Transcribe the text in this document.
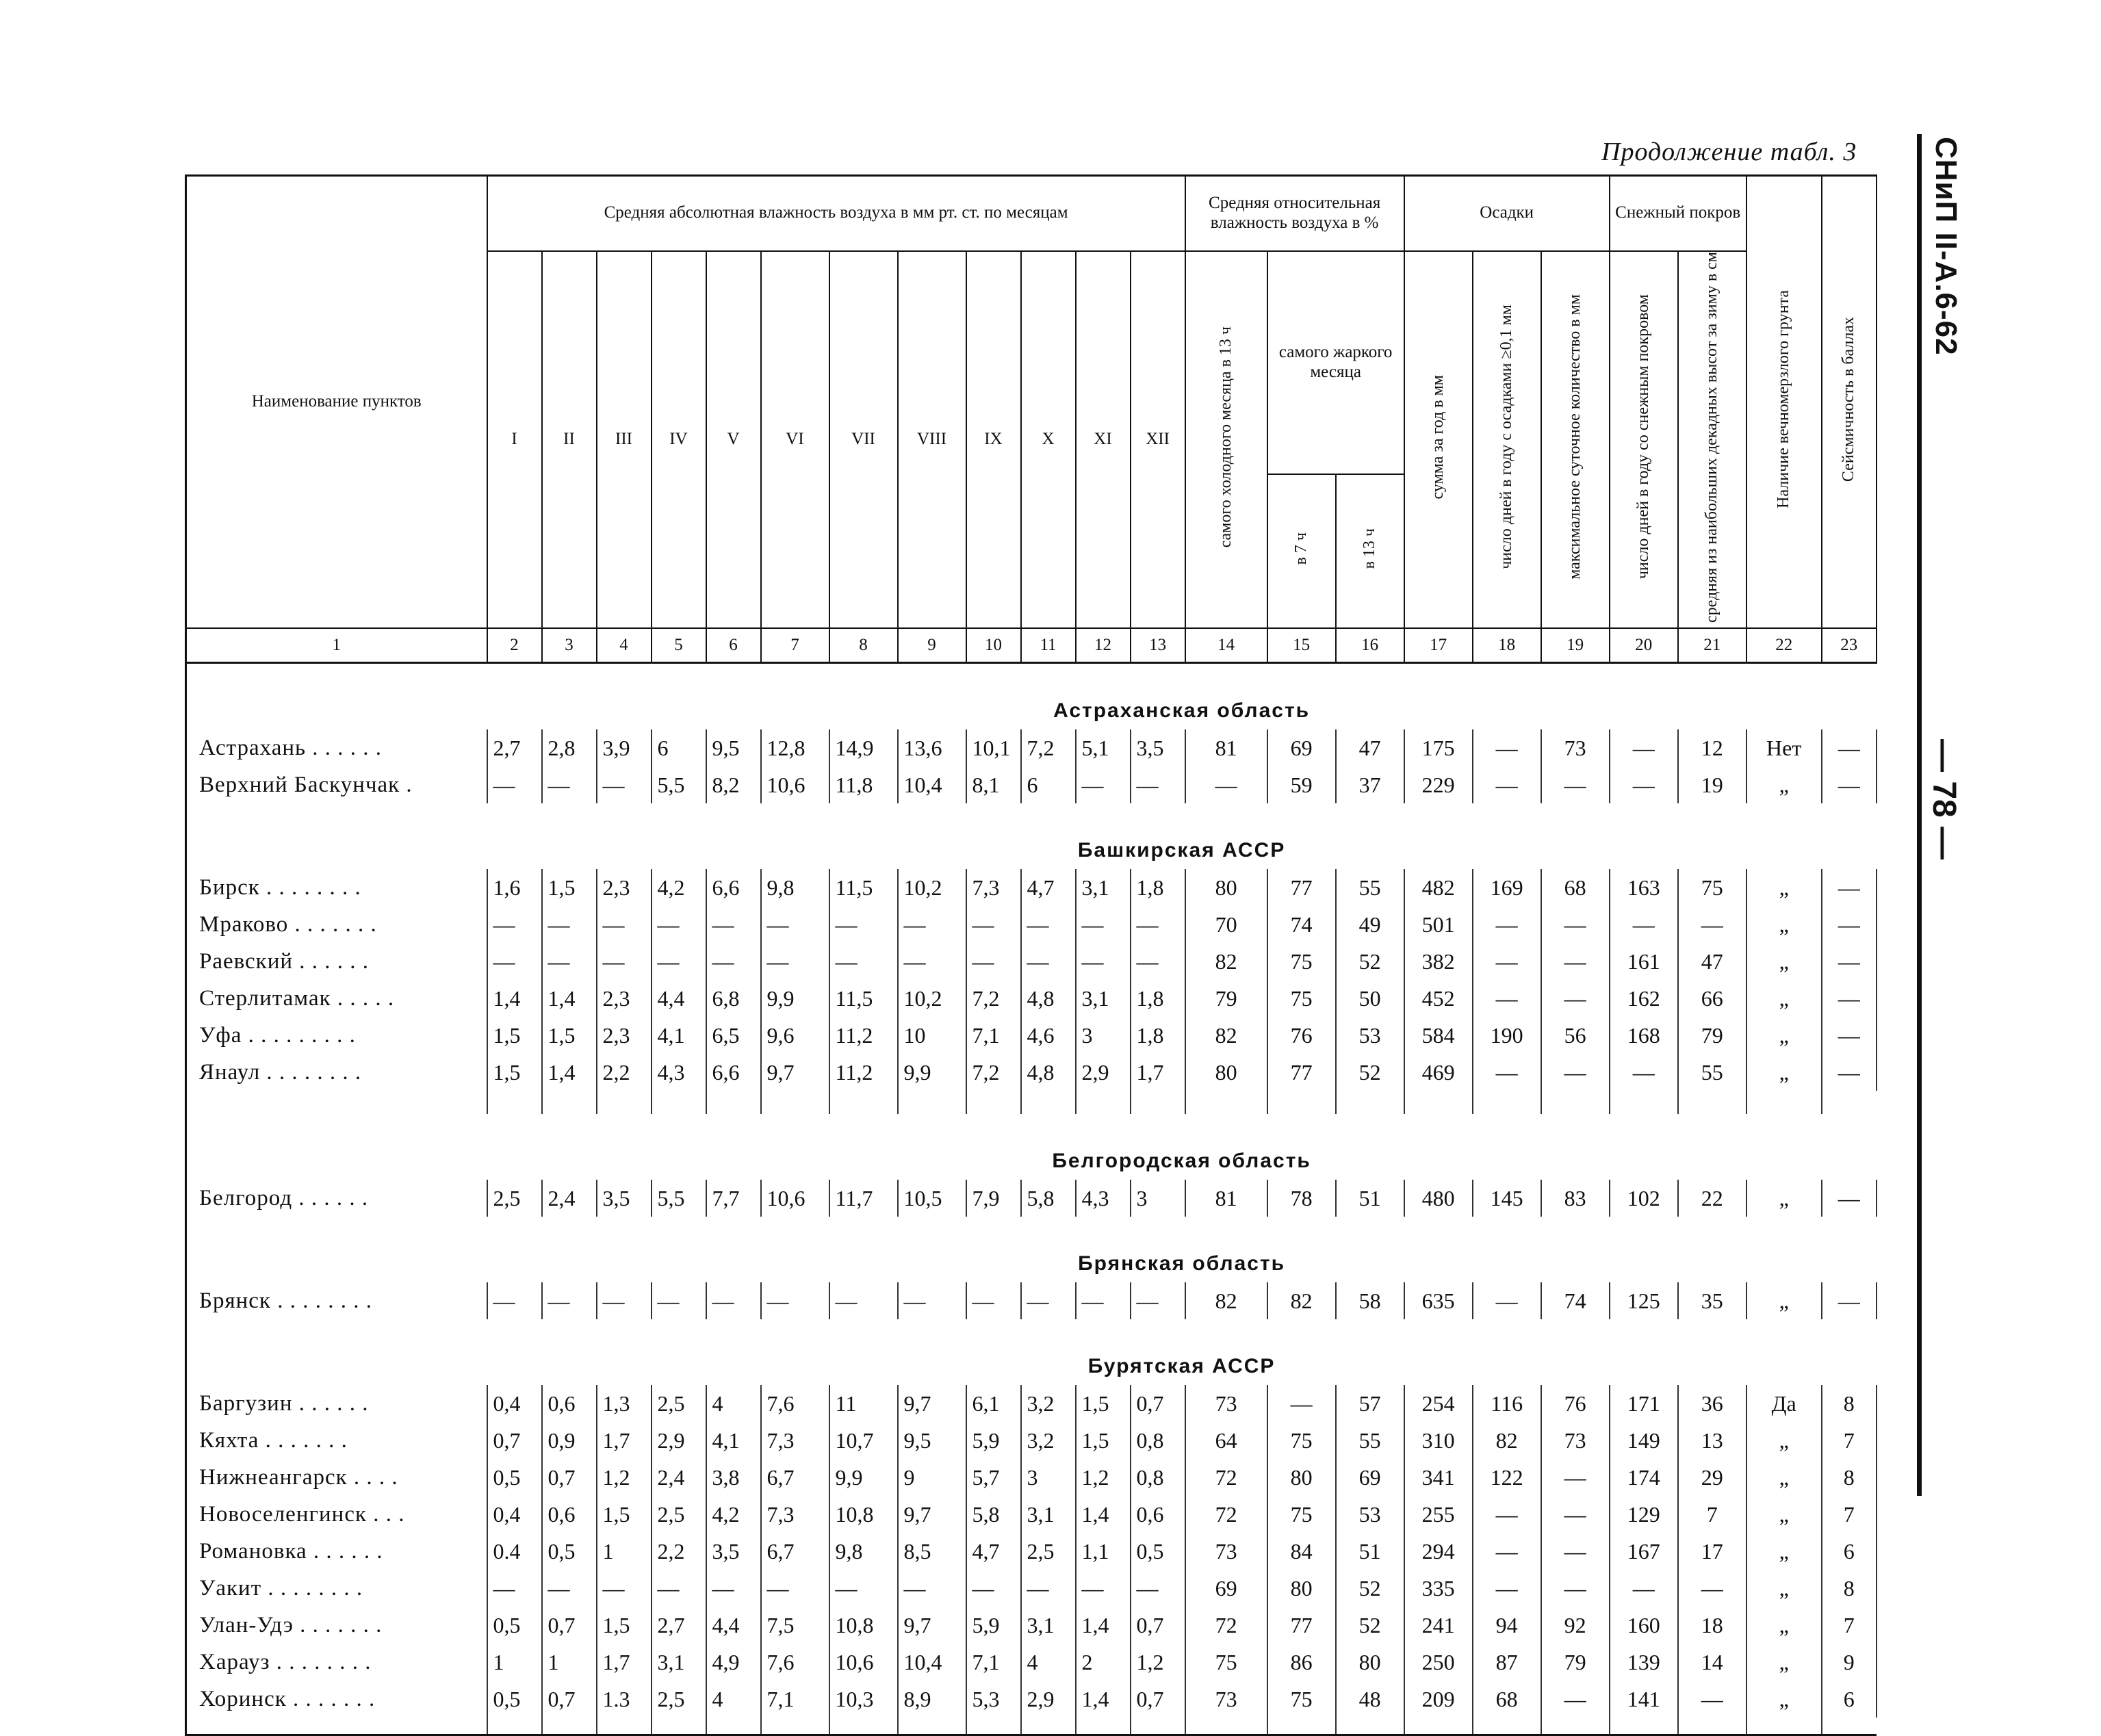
Продолжение табл. 3	СНиП II-А.6-62
— 78 —
Наименование пунктов	Средняя абсолютная влажность воздуха в мм рт. ст. по месяцам												Средняя относительная влажность воздуха в %			Осадки			Снежный покров		Наличие вечномерзлого грунта	Сейсмичность в баллах
	I	II	III	IV	V	VI	VII	VIII	IX	X	XI	XII	самого холодного месяца в 13 ч	самого жаркого месяца		сумма за год в мм	число дней в году с осадками ≥0,1 мм	максимальное суточное количество в мм	число дней в году со снежным покровом	средняя из наибольших декадных высот за зиму в см		
														в 7 ч	в 13 ч							
1	2	3	4	5	6	7	8	9	10	11	12	13	14	15	16	17	18	19	20	21	22	23
	Астраханская область																					
Астрахань . . . . . .	2,7	2,8	3,9	6	9,5	12,8	14,9	13,6	10,1	7,2	5,1	3,5	81	69	47	175	—	73	—	12	Нет	—
Верхний Баскунчак .	—	—	—	5,5	8,2	10,6	11,8	10,4	8,1	6	—	—	—	59	37	229	—	—	—	19	„	—
	Башкирская АССР																					
Бирск . . . . . . . .	1,6	1,5	2,3	4,2	6,6	9,8	11,5	10,2	7,3	4,7	3,1	1,8	80	77	55	482	169	68	163	75	„	—
Мраково . . . . . . .	—	—	—	—	—	—	—	—	—	—	—	—	70	74	49	501	—	—	—	—	„	—
Раевский . . . . . .	—	—	—	—	—	—	—	—	—	—	—	—	82	75	52	382	—	—	161	47	„	—
Стерлитамак . . . . .	1,4	1,4	2,3	4,4	6,8	9,9	11,5	10,2	7,2	4,8	3,1	1,8	79	75	50	452	—	—	162	66	„	—
Уфа . . . . . . . . .	1,5	1,5	2,3	4,1	6,5	9,6	11,2	10	7,1	4,6	3	1,8	82	76	53	584	190	56	168	79	„	—
Янаул . . . . . . . .	1,5	1,4	2,2	4,3	6,6	9,7	11,2	9,9	7,2	4,8	2,9	1,7	80	77	52	469	—	—	—	55	„	—

	Белгородская область																					
Белгород . . . . . .	2,5	2,4	3,5	5,5	7,7	10,6	11,7	10,5	7,9	5,8	4,3	3	81	78	51	480	145	83	102	22	„	—
	Брянская область																					
Брянск . . . . . . . .	—	—	—	—	—	—	—	—	—	—	—	—	82	82	58	635	—	74	125	35	„	—
	Бурятская АССР																					
Баргузин . . . . . .	0,4	0,6	1,3	2,5	4	7,6	11	9,7	6,1	3,2	1,5	0,7	73	—	57	254	116	76	171	36	Да	8
Кяхта . . . . . . .	0,7	0,9	1,7	2,9	4,1	7,3	10,7	9,5	5,9	3,2	1,5	0,8	64	75	55	310	82	73	149	13	„	7
Нижнеангарск . . . .	0,5	0,7	1,2	2,4	3,8	6,7	9,9	9	5,7	3	1,2	0,8	72	80	69	341	122	—	174	29	„	8
Новоселенгинск . . .	0,4	0,6	1,5	2,5	4,2	7,3	10,8	9,7	5,8	3,1	1,4	0,6	72	75	53	255	—	—	129	7	„	7
Романовка . . . . . .	0.4	0,5	1	2,2	3,5	6,7	9,8	8,5	4,7	2,5	1,1	0,5	73	84	51	294	—	—	167	17	„	6
Уакит . . . . . . . .	—	—	—	—	—	—	—	—	—	—	—	—	69	80	52	335	—	—	—	—	„	8
Улан-Удэ . . . . . . .	0,5	0,7	1,5	2,7	4,4	7,5	10,8	9,7	5,9	3,1	1,4	0,7	72	77	52	241	94	92	160	18	„	7
Харауз . . . . . . . .	1	1	1,7	3,1	4,9	7,6	10,6	10,4	7,1	4	2	1,2	75	86	80	250	87	79	139	14	„	9
Хоринск . . . . . . .	0,5	0,7	1.3	2,5	4	7,1	10,3	8,9	5,3	2,9	1,4	0,7	73	75	48	209	68	—	141	—	„	6
